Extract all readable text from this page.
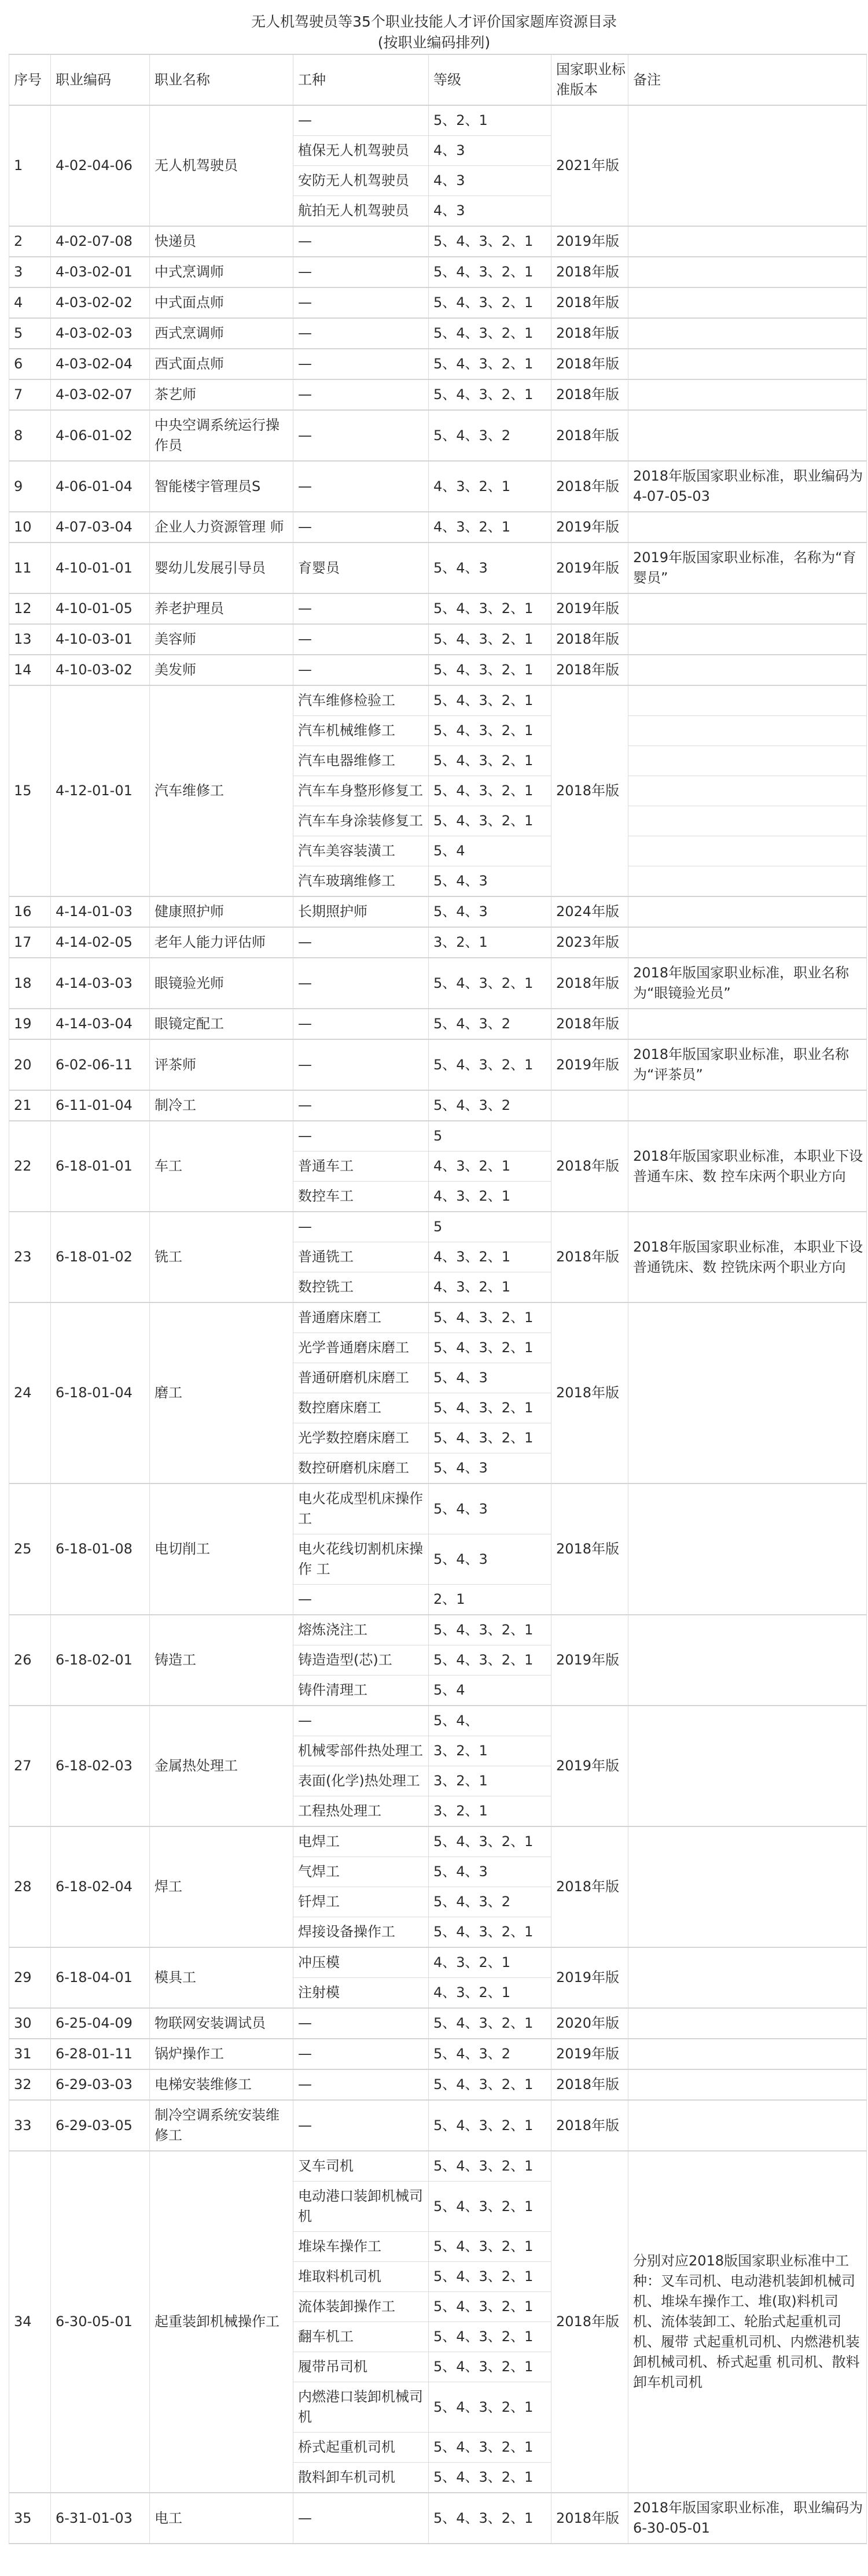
无人机驾驶员等35个职业技能人才评价国家题库资源目录
(按职业编码排列)
序号	职业编码	职业名称	工种	等级	国家职业标准版本	备注
1	4-02-04-06	无人机驾驶员	—	5、2、1	2021年版	
			植保无人机驾驶员	4、3		
			安防无人机驾驶员	4、3		
			航拍无人机驾驶员	4、3		
2	4-02-07-08	快递员	—	5、4、3、2、1	2019年版	
3	4-03-02-01	中式烹调师	—	5、4、3、2、1	2018年版	
4	4-03-02-02	中式面点师	—	5、4、3、2、1	2018年版	
5	4-03-02-03	西式烹调师	—	5、4、3、2、1	2018年版	
6	4-03-02-04	西式面点师	—	5、4、3、2、1	2018年版	
7	4-03-02-07	茶艺师	—	5、4、3、2、1	2018年版	
8	4-06-01-02	中央空调系统运行操作员	—	5、4、3、2	2018年版	
9	4-06-01-04	智能楼宇管理员S	—	4、3、2、1	2018年版	2018年版国家职业标准，职业编码为4-07-05-03
10	4-07-03-04	企业人力资源管理 师	—	4、3、2、1	2019年版	
11	4-10-01-01	婴幼儿发展引导员	育婴员	5、4、3	2019年版	2019年版国家职业标准，名称为“育婴员”
12	4-10-01-05	养老护理员	—	5、4、3、2、1	2019年版	
13	4-10-03-01	美容师	—	5、4、3、2、1	2018年版	
14	4-10-03-02	美发师	—	5、4、3、2、1	2018年版	
15	4-12-01-01	汽车维修工	汽车维修检验工	5、4、3、2、1	2018年版	
			汽车机械维修工	5、4、3、2、1		
			汽车电器维修工	5、4、3、2、1		
			汽车车身整形修复工	5、4、3、2、1		
			汽车车身涂装修复工	5、4、3、2、1		
			汽车美容装潢工	5、4		
			汽车玻璃维修工	5、4、3		
16	4-14-01-03	健康照护师	长期照护师	5、4、3	2024年版	
17	4-14-02-05	老年人能力评估师	—	3、2、1	2023年版	
18	4-14-03-03	眼镜验光师	—	5、4、3、2、1	2018年版	2018年版国家职业标准，职业名称为“眼镜验光员”
19	4-14-03-04	眼镜定配工	—	5、4、3、2	2018年版	
20	6-02-06-11	评茶师	—	5、4、3、2、1	2019年版	2018年版国家职业标准，职业名称为“评茶员”
21	6-11-01-04	制冷工	—	5、4、3、2		
22	6-18-01-01	车工	—	5	2018年版	2018年版国家职业标准，本职业下设普通车床、数 控车床两个职业方向
			普通车工	4、3、2、1		
			数控车工	4、3、2、1		
23	6-18-01-02	铣工	—	5	2018年版	2018年版国家职业标准，本职业下设普通铣床、数 控铣床两个职业方向
			普通铣工	4、3、2、1		
			数控铣工	4、3、2、1		
24	6-18-01-04	磨工	普通磨床磨工	5、4、3、2、1	2018年版	
			光学普通磨床磨工	5、4、3、2、1		
			普通研磨机床磨工	5、4、3		
			数控磨床磨工	5、4、3、2、1		
			光学数控磨床磨工	5、4、3、2、1		
			数控研磨机床磨工	5、4、3		
25	6-18-01-08	电切削工	电火花成型机床操作工	5、4、3	2018年版	
			电火花线切割机床操作 工	5、4、3		
			—	2、1		
26	6-18-02-01	铸造工	熔炼浇注工	5、4、3、2、1	2019年版	
			铸造造型(芯)工	5、4、3、2、1		
			铸件清理工	5、4		
27	6-18-02-03	金属热处理工	—	5、4、	2019年版	
			机械零部件热处理工	3、2、1		
			表面(化学)热处理工	3、2、1		
			工程热处理工	3、2、1		
28	6-18-02-04	焊工	电焊工	5、4、3、2、1	2018年版	
			气焊工	5、4、3		
			钎焊工	5、4、3、2		
			焊接设备操作工	5、4、3、2、1		
29	6-18-04-01	模具工	冲压模	4、3、2、1	2019年版	
			注射模	4、3、2、1		
30	6-25-04-09	物联网安装调试员	—	5、4、3、2、1	2020年版	
31	6-28-01-11	锅炉操作工	—	5、4、3、2	2019年版	
32	6-29-03-03	电梯安装维修工	—	5、4、3、2、1	2018年版	
33	6-29-03-05	制冷空调系统安装维修工	—	5、4、3、2、1	2018年版	
34	6-30-05-01	起重装卸机械操作工	叉车司机	5、4、3、2、1	2018年版	分别对应2018版国家职业标准中工种：叉车司机、电动港机装卸机械司机、堆垛车操作工、堆(取)料机司机、流体装卸工、轮胎式起重机司机、履带 式起重机司机、内燃港机装卸机械司机、桥式起重 机司机、散料卸车机司机
			电动港口装卸机械司机	5、4、3、2、1		
			堆垛车操作工	5、4、3、2、1		
			堆取料机司机	5、4、3、2、1		
			流体装卸操作工	5、4、3、2、1		
			翻车机工	5、4、3、2、1		
			履带吊司机	5、4、3、2、1		
			内燃港口装卸机械司机	5、4、3、2、1		
			桥式起重机司机	5、4、3、2、1		
			散料卸车机司机	5、4、3、2、1		
35	6-31-01-03	电工	—	5、4、3、2、1	2018年版	2018年版国家职业标准，职业编码为6-30-05-01
